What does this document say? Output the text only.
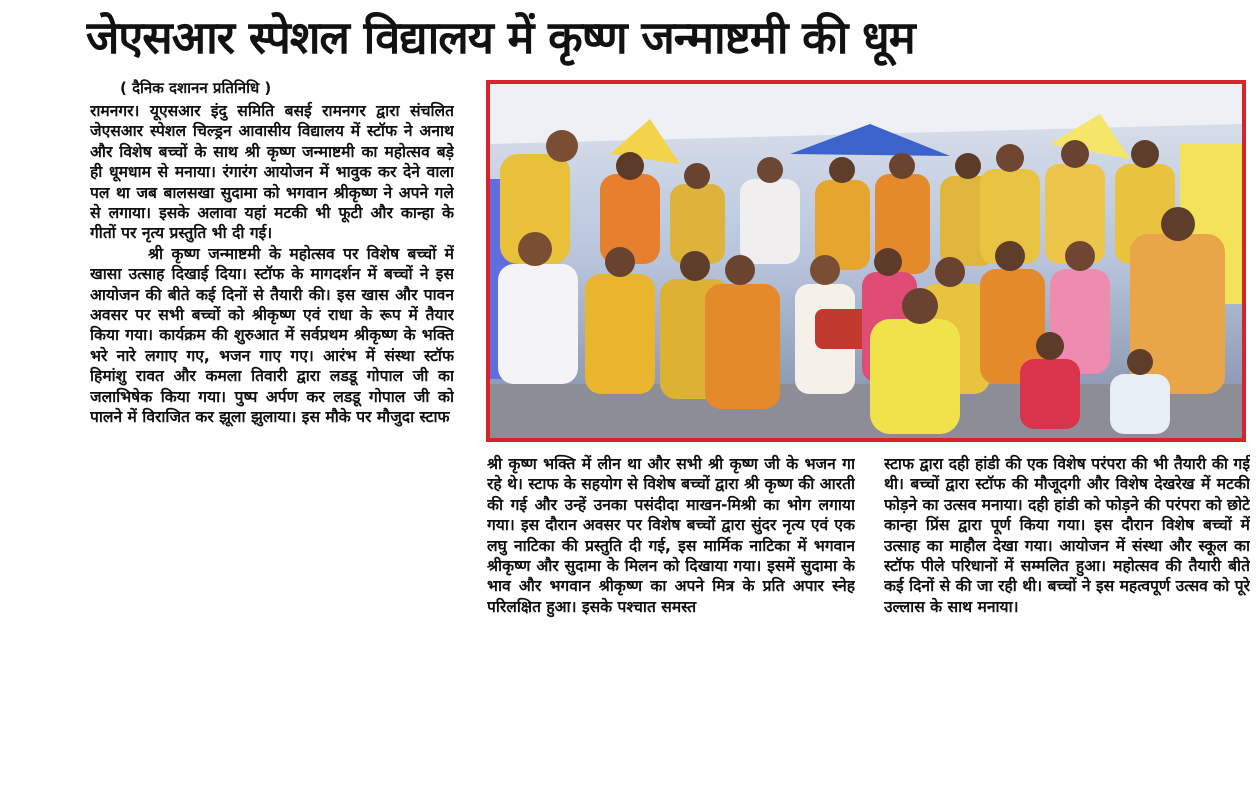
जेएसआर स्पेशल विद्यालय में कृष्ण जन्माष्टमी की धूम
( दैनिक दशानन प्रतिनिधि )

रामनगर। यूएसआर इंदु समिति बसई रामनगर द्वारा संचलित जेएसआर स्पेशल चिल्ड्रन आवासीय विद्यालय में स्टॉफ ने अनाथ और विशेष बच्चों के साथ श्री कृष्ण जन्माष्टमी का महोत्सव बड़े ही धूमधाम से मनाया। रंगारंग आयोजन में भावुक कर देने वाला पल था जब बालसखा सुदामा को भगवान श्रीकृष्ण ने अपने गले से लगाया। इसके अलावा यहां मटकी भी फूटी और कान्हा के गीतों पर नृत्य प्रस्तुति भी दी गई।

श्री कृष्ण जन्माष्टमी के महोत्सव पर विशेष बच्चों में खासा उत्साह दिखाई दिया। स्टॉफ के मागदर्शन में बच्चों ने इस आयोजन की बीते कई दिनों से तैयारी की। इस खास और पावन अवसर पर सभी बच्चों को श्रीकृष्ण एवं राधा के रूप में तैयार किया गया। कार्यक्रम की शुरुआत में सर्वप्रथम श्रीकृष्ण के भक्ति भरे नारे लगाए गए, भजन गाए गए। आरंभ में संस्था स्टॉफ हिमांशु रावत और कमला तिवारी द्वारा लडडू गोपाल जी का जलाभिषेक किया गया। पुष्प अर्पण कर लडडू गोपाल जी को पालने में विराजित कर झूला झुलाया। इस मौके पर मौजुदा स्टाफ

श्री कृष्ण भक्ति में लीन था और सभी श्री कृष्ण जी के भजन गा रहे थे। स्टाफ के सहयोग से विशेष बच्चों द्वारा श्री कृष्ण की आरती की गई और उन्हें उनका पसंदीदा माखन-मिश्री का भोग लगाया गया। इस दौरान अवसर पर विशेष बच्चों द्वारा सुंदर नृत्य एवं एक लघु नाटिका की प्रस्तुति दी गई, इस मार्मिक नाटिका में भगवान श्रीकृष्ण और सुदामा के मिलन को दिखाया गया। इसमें सुदामा के भाव और भगवान श्रीकृष्ण का अपने मित्र के प्रति अपार स्नेह परिलक्षित हुआ। इसके पश्चात समस्त
स्टाफ द्वारा दही हांडी की एक विशेष परंपरा की भी तैयारी की गई थी। बच्चों द्वारा स्टॉफ की मौजूदगी और विशेष देखरेख में मटकी फोड़ने का उत्सव मनाया। दही हांडी को फोड़ने की परंपरा को छोटे कान्हा प्रिंस द्वारा पूर्ण किया गया। इस दौरान विशेष बच्चों में उत्साह का माहौल देखा गया। आयोजन में संस्था और स्कूल का स्टॉफ पीले परिधानों में सम्मलित हुआ। महोत्सव की तैयारी बीते कई दिनों से की जा रही थी। बच्चों ने इस महत्वपूर्ण उत्सव को पूरे उल्लास के साथ मनाया।
